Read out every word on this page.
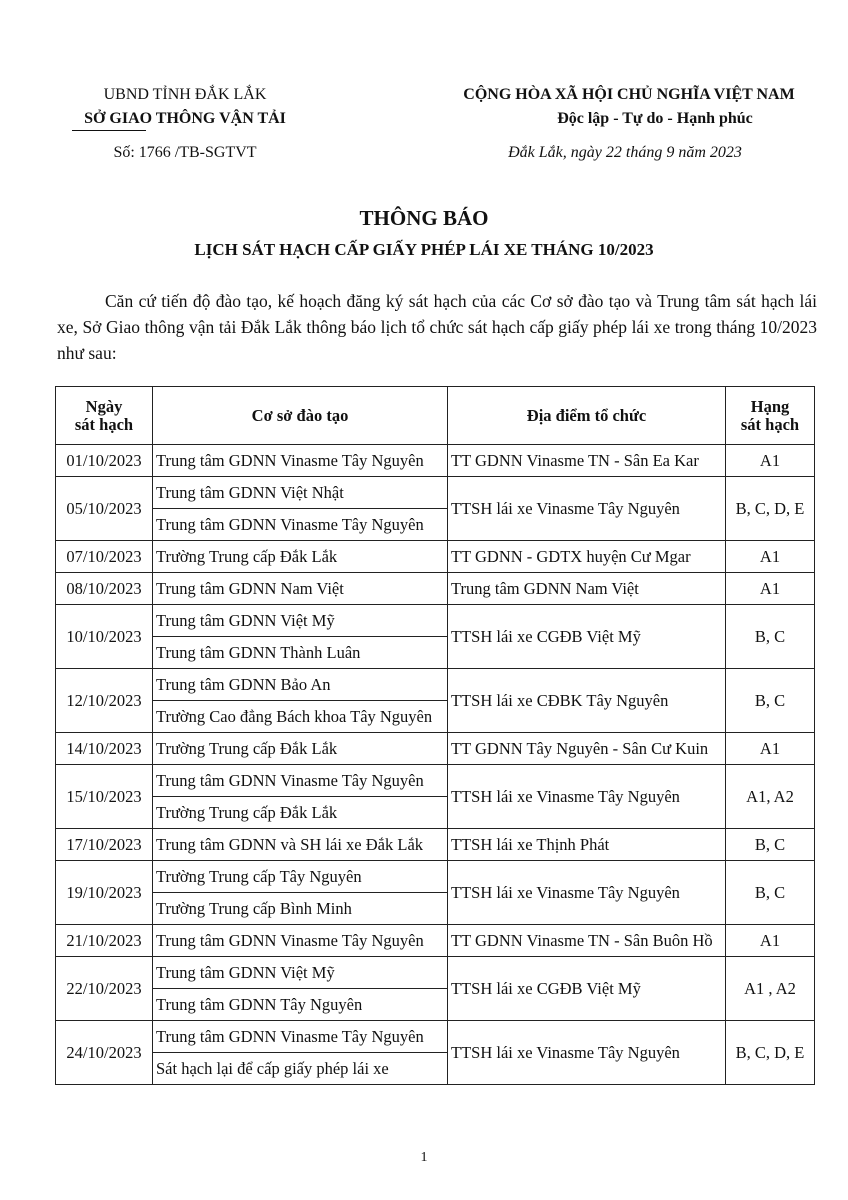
UBND TỈNH ĐẮK LẮK
SỞ GIAO THÔNG VẬN TẢI
Số: 1766 /TB-SGTVT
CỘNG HÒA XÃ HỘI CHỦ NGHĨA VIỆT NAM
Độc lập - Tự do - Hạnh phúc
Đắk Lắk, ngày 22 tháng 9 năm 2023
THÔNG BÁO
LỊCH SÁT HẠCH CẤP GIẤY PHÉP LÁI XE THÁNG 10/2023
Căn cứ tiến độ đào tạo, kế hoạch đăng ký sát hạch của các Cơ sở đào tạo và Trung tâm sát hạch lái xe, Sở Giao thông vận tải Đắk Lắk thông báo lịch tổ chức sát hạch cấp giấy phép lái xe trong tháng 10/2023 như sau:
Ngày
sát hạch	Cơ sở đào tạo	Địa điểm tổ chức	Hạng
sát hạch
01/10/2023	Trung tâm GDNN Vinasme Tây Nguyên	TT GDNN Vinasme TN - Sân Ea Kar	A1
05/10/2023	Trung tâm GDNN Việt Nhật	TTSH lái xe Vinasme Tây Nguyên	B, C, D, E
	Trung tâm GDNN Vinasme Tây Nguyên		
07/10/2023	Trường Trung cấp Đắk Lắk	TT GDNN - GDTX huyện Cư Mgar	A1
08/10/2023	Trung tâm GDNN Nam Việt	Trung tâm GDNN Nam Việt	A1
10/10/2023	Trung tâm GDNN Việt Mỹ	TTSH lái xe CGĐB Việt Mỹ	B, C
	Trung tâm GDNN Thành Luân		
12/10/2023	Trung tâm GDNN Bảo An	TTSH lái xe CĐBK Tây Nguyên	B, C
	Trường Cao đẳng Bách khoa Tây Nguyên		
14/10/2023	Trường Trung cấp Đắk Lắk	TT GDNN Tây Nguyên - Sân Cư Kuin	A1
15/10/2023	Trung tâm GDNN Vinasme Tây Nguyên	TTSH lái xe Vinasme Tây Nguyên	A1, A2
	Trường Trung cấp Đắk Lắk		
17/10/2023	Trung tâm GDNN và SH lái xe Đắk Lắk	TTSH lái xe Thịnh Phát	B, C
19/10/2023	Trường Trung cấp Tây Nguyên	TTSH lái xe Vinasme Tây Nguyên	B, C
	Trường Trung cấp Bình Minh		
21/10/2023	Trung tâm GDNN Vinasme Tây Nguyên	TT GDNN Vinasme TN - Sân Buôn Hồ	A1
22/10/2023	Trung tâm GDNN Việt Mỹ	TTSH lái xe CGĐB Việt Mỹ	A1 , A2
	Trung tâm GDNN Tây Nguyên		
24/10/2023	Trung tâm GDNN Vinasme Tây Nguyên	TTSH lái xe Vinasme Tây Nguyên	B, C, D, E
	Sát hạch lại để cấp giấy phép lái xe		
1
